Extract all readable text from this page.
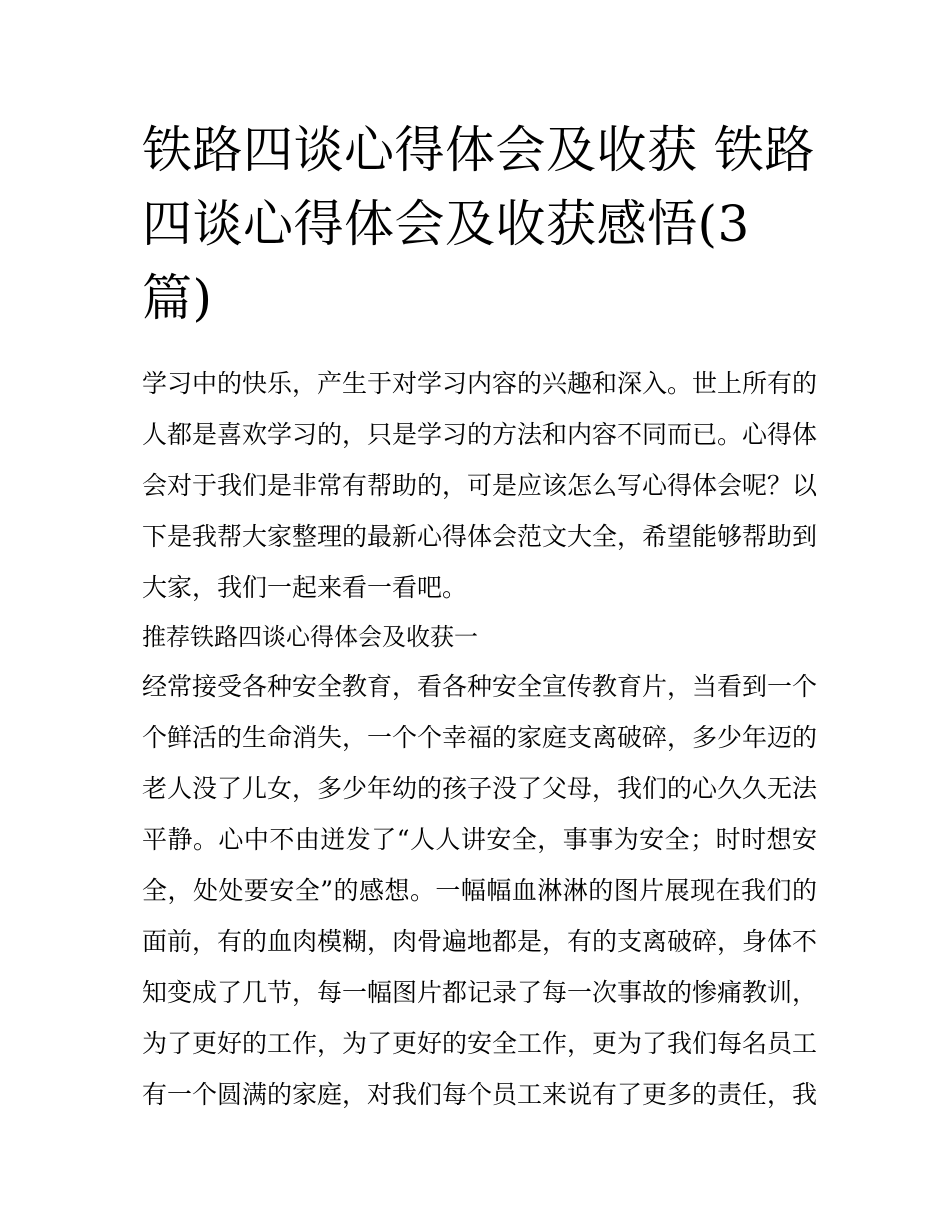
铁路四谈心得体会及收获 铁路四谈心得体会及收获感悟(3篇)

学习中的快乐，产生于对学习内容的兴趣和深入。世上所有的人都是喜欢学习的，只是学习的方法和内容不同而已。心得体会对于我们是非常有帮助的，可是应该怎么写心得体会呢？以下是我帮大家整理的最新心得体会范文大全，希望能够帮助到大家，我们一起来看一看吧。

推荐铁路四谈心得体会及收获一

经常接受各种安全教育，看各种安全宣传教育片，当看到一个个鲜活的生命消失，一个个幸福的家庭支离破碎，多少年迈的老人没了儿女，多少年幼的孩子没了父母，我们的心久久无法平静。心中不由迸发了“人人讲安全，事事为安全；时时想安全，处处要安全”的感想。一幅幅血淋淋的图片展现在我们的面前，有的血肉模糊，肉骨遍地都是，有的支离破碎，身体不知变成了几节，每一幅图片都记录了每一次事故的惨痛教训，为了更好的工作，为了更好的安全工作，更为了我们每名员工有一个圆满的家庭，对我们每个员工来说有了更多的责任，我
